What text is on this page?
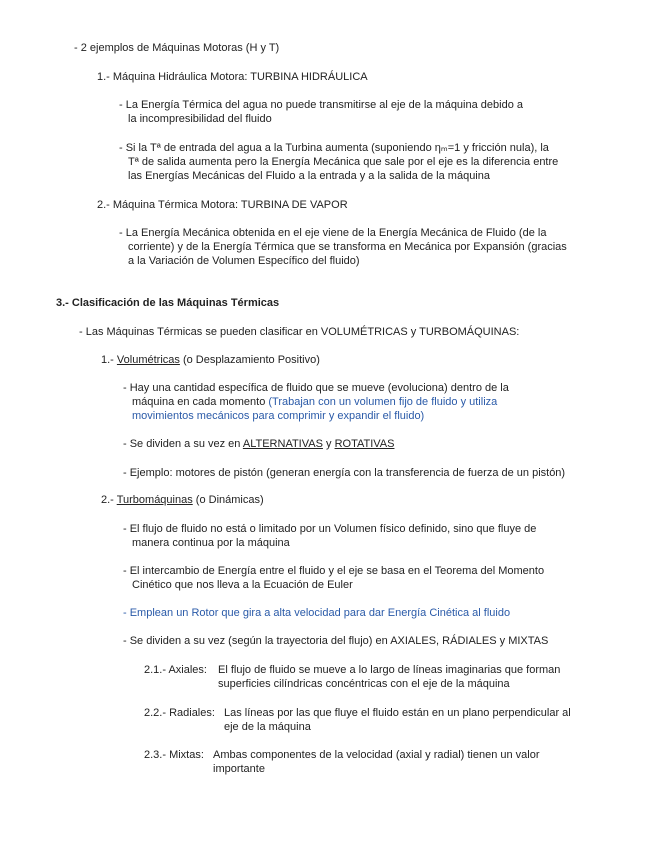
- 2 ejemplos de Máquinas Motoras (H y T)
1.- Máquina Hidráulica Motora: TURBINA HIDRÁULICA
- La Energía Térmica del agua no puede transmitirse al eje de la máquina debido a
la incompresibilidad del fluido
- Si la Tª de entrada del agua a la Turbina aumenta (suponiendo ηₘ=1 y fricción nula), la
Tª de salida aumenta pero la Energía Mecánica que sale por el eje es la diferencia entre
las Energías Mecánicas del Fluido a la entrada y a la salida de la máquina
2.- Máquina Térmica Motora: TURBINA DE VAPOR
- La Energía Mecánica obtenida en el eje viene de la Energía Mecánica de Fluido (de la
corriente) y de la Energía Térmica que se transforma en Mecánica por Expansión (gracias
a la Variación de Volumen Específico del fluido)
3.- Clasificación de las Máquinas Térmicas
- Las Máquinas Térmicas se pueden clasificar en VOLUMÉTRICAS y TURBOMÁQUINAS:
1.- Volumétricas (o Desplazamiento Positivo)
- Hay una cantidad específica de fluido que se mueve (evoluciona) dentro de la
máquina en cada momento (Trabajan con un volumen fijo de fluido y utiliza
movimientos mecánicos para comprimir y expandir el fluido)
- Se dividen a su vez en ALTERNATIVAS y ROTATIVAS
- Ejemplo: motores de pistón (generan energía con la transferencia de fuerza de un pistón)
2.- Turbomáquinas (o Dinámicas)
- El flujo de fluido no está o limitado por un Volumen físico definido, sino que fluye de
manera continua por la máquina
- El intercambio de Energía entre el fluido y el eje se basa en el Teorema del Momento
Cinético que nos lleva a la Ecuación de Euler
- Emplean un Rotor que gira a alta velocidad para dar Energía Cinética al fluido
- Se dividen a su vez (según la trayectoria del flujo) en AXIALES, RÁDIALES y MIXTAS
2.1.- Axiales: El flujo de fluido se mueve a lo largo de líneas imaginarias que forman
superficies cilíndricas concéntricas con el eje de la máquina
2.2.- Radiales: Las líneas por las que fluye el fluido están en un plano perpendicular al
eje de la máquina
2.3.- Mixtas: Ambas componentes de la velocidad (axial y radial) tienen un valor
importante
